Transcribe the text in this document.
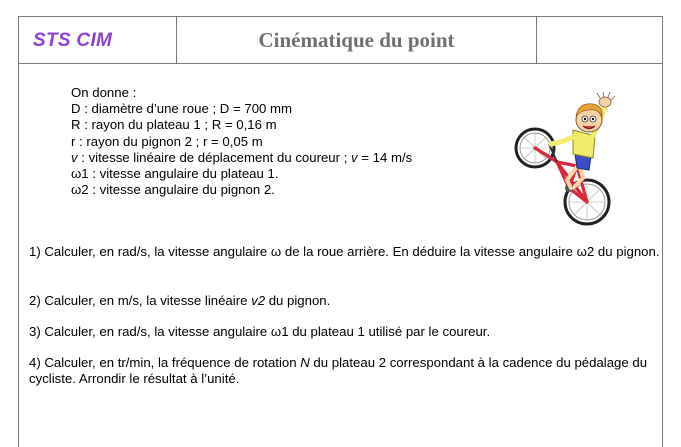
STS CIM	Cinématique du point
On donne :
D : diamètre d’une roue ; D = 700 mm
R : rayon du plateau 1 ; R = 0,16 m
r : rayon du pignon 2 ; r = 0,05 m
v : vitesse linéaire de déplacement du coureur ; v = 14 m/s
ω1 : vitesse angulaire du plateau 1.
ω2 : vitesse angulaire du pignon 2.
1) Calculer, en rad/s, la vitesse angulaire ω de la roue arrière. En déduire la vitesse angulaire ω2 du pignon.
2) Calculer, en m/s, la vitesse linéaire v2 du pignon.
3) Calculer, en rad/s, la vitesse angulaire ω1 du plateau 1 utilisé par le coureur.
4) Calculer, en tr/min, la fréquence de rotation N du plateau 2 correspondant à la cadence du pédalage du cycliste. Arrondir le résultat à l’unité.
